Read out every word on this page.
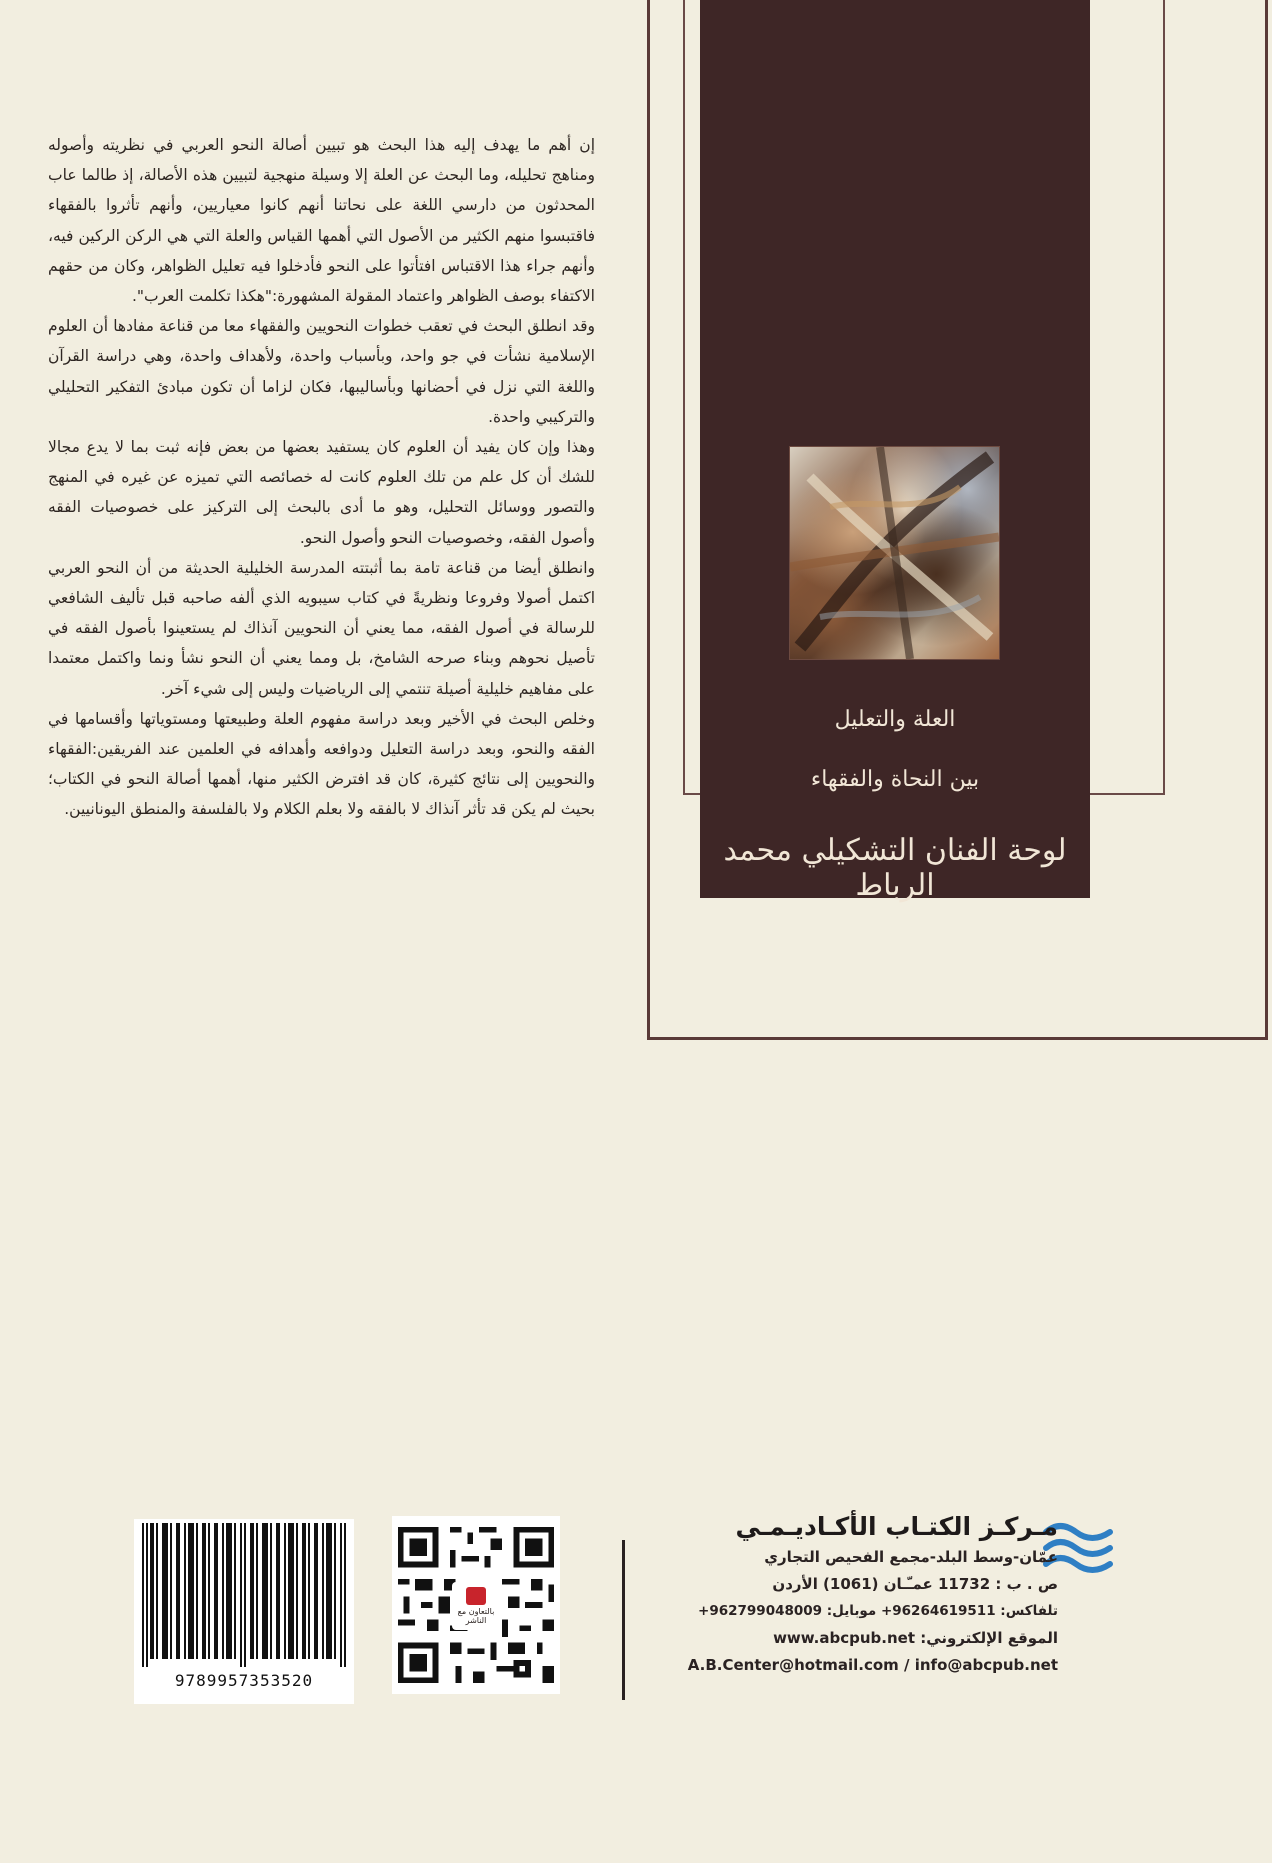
العلة والتعليل
بين النحاة والفقهاء
لوحة الفنان التشكيلي محمد الرباط

إن أهم ما يهدف إليه هذا البحث هو تبيين أصالة النحو العربي في نظريته وأصوله ومناهج تحليله، وما البحث عن العلة إلا وسيلة منهجية لتبيين هذه الأصالة، إذ طالما عاب المحدثون من دارسي اللغة على نحاتنا أنهم كانوا معياريين، وأنهم تأثروا بالفقهاء فاقتبسوا منهم الكثير من الأصول التي أهمها القياس والعلة التي هي الركن الركين فيه، وأنهم جراء هذا الاقتباس افتأتوا على النحو فأدخلوا فيه تعليل الظواهر، وكان من حقهم الاكتفاء بوصف الظواهر واعتماد المقولة المشهورة:"هكذا تكلمت العرب".

وقد انطلق البحث في تعقب خطوات النحويين والفقهاء معا من قناعة مفادها أن العلوم الإسلامية نشأت في جو واحد، وبأسباب واحدة، ولأهداف واحدة، وهي دراسة القرآن واللغة التي نزل في أحضانها وبأساليبها، فكان لزاما أن تكون مبادئ التفكير التحليلي والتركيبي واحدة.

وهذا وإن كان يفيد أن العلوم كان يستفيد بعضها من بعض فإنه ثبت بما لا يدع مجالا للشك أن كل علم من تلك العلوم كانت له خصائصه التي تميزه عن غيره في المنهج والتصور ووسائل التحليل، وهو ما أدى بالبحث إلى التركيز على خصوصيات الفقه وأصول الفقه، وخصوصيات النحو وأصول النحو.

وانطلق أيضا من قناعة تامة بما أثبتته المدرسة الخليلية الحديثة من أن النحو العربي اكتمل أصولا وفروعا ونظريةً في كتاب سيبويه الذي ألفه صاحبه قبل تأليف الشافعي للرسالة في أصول الفقه، مما يعني أن النحويين آنذاك لم يستعينوا بأصول الفقه في تأصيل نحوهم وبناء صرحه الشامخ، بل ومما يعني أن النحو نشأ ونما واكتمل معتمدا على مفاهيم خليلية أصيلة تنتمي إلى الرياضيات وليس إلى شيء آخر.

وخلص البحث في الأخير وبعد دراسة مفهوم العلة وطبيعتها ومستوياتها وأقسامها في الفقه والنحو، وبعد دراسة التعليل ودوافعه وأهدافه في العلمين عند الفريقين:الفقهاء والنحويين إلى نتائج كثيرة، كان قد افترض الكثير منها، أهمها أصالة النحو في الكتاب؛ بحيث لم يكن قد تأثر آنذاك لا بالفقه ولا بعلم الكلام ولا بالفلسفة والمنطق اليونانيين.

مـركـز الكتـاب الأكـاديـمـي
عمّان-وسط البلد-مجمع الفحيص التجاري
ص . ب : 11732 عمـّـان (1061) الأردن
تلفاكس: 96264619511+ موبايل: 962799048009+
الموقع الإلكتروني: www.abcpub.net
A.B.Center@hotmail.com / info@abcpub.net
بالتعاون مع الناشر
9789957353520
